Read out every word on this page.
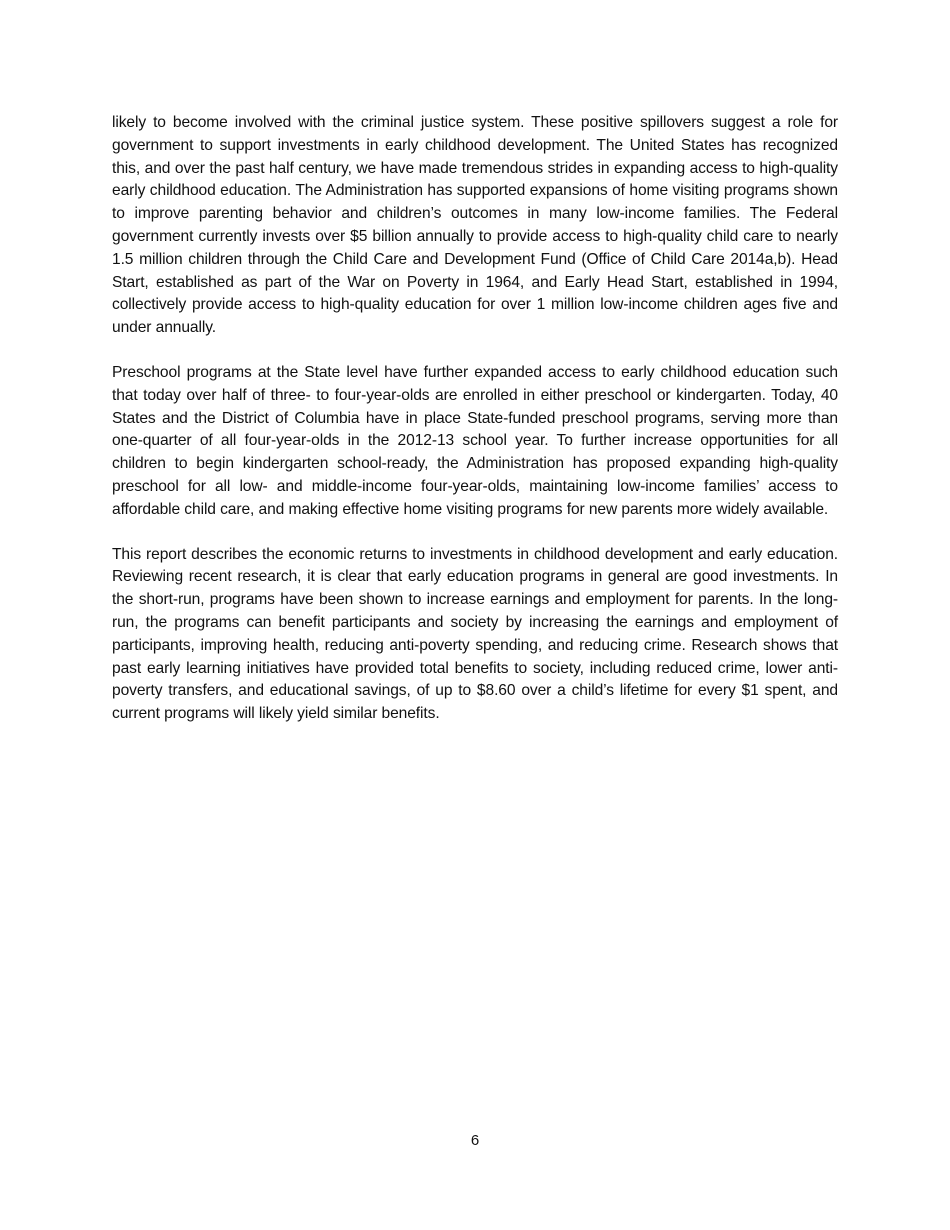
likely to become involved with the criminal justice system. These positive spillovers suggest a role for government to support investments in early childhood development. The United States has recognized this, and over the past half century, we have made tremendous strides in expanding access to high-quality early childhood education. The Administration has supported expansions of home visiting programs shown to improve parenting behavior and children’s outcomes in many low-income families. The Federal government currently invests over $5 billion annually to provide access to high-quality child care to nearly 1.5 million children through the Child Care and Development Fund (Office of Child Care 2014a,b). Head Start, established as part of the War on Poverty in 1964, and Early Head Start, established in 1994, collectively provide access to high-quality education for over 1 million low-income children ages five and under annually.

Preschool programs at the State level have further expanded access to early childhood education such that today over half of three- to four-year-olds are enrolled in either preschool or kindergarten. Today, 40 States and the District of Columbia have in place State-funded preschool programs, serving more than one-quarter of all four-year-olds in the 2012-13 school year. To further increase opportunities for all children to begin kindergarten school-ready, the Administration has proposed expanding high-quality preschool for all low- and middle-income four-year-olds, maintaining low-income families’ access to affordable child care, and making effective home visiting programs for new parents more widely available.

This report describes the economic returns to investments in childhood development and early education. Reviewing recent research, it is clear that early education programs in general are good investments. In the short-run, programs have been shown to increase earnings and employment for parents. In the long-run, the programs can benefit participants and society by increasing the earnings and employment of participants, improving health, reducing anti-poverty spending, and reducing crime. Research shows that past early learning initiatives have provided total benefits to society, including reduced crime, lower anti-poverty transfers, and educational savings, of up to $8.60 over a child’s lifetime for every $1 spent, and current programs will likely yield similar benefits.

6
